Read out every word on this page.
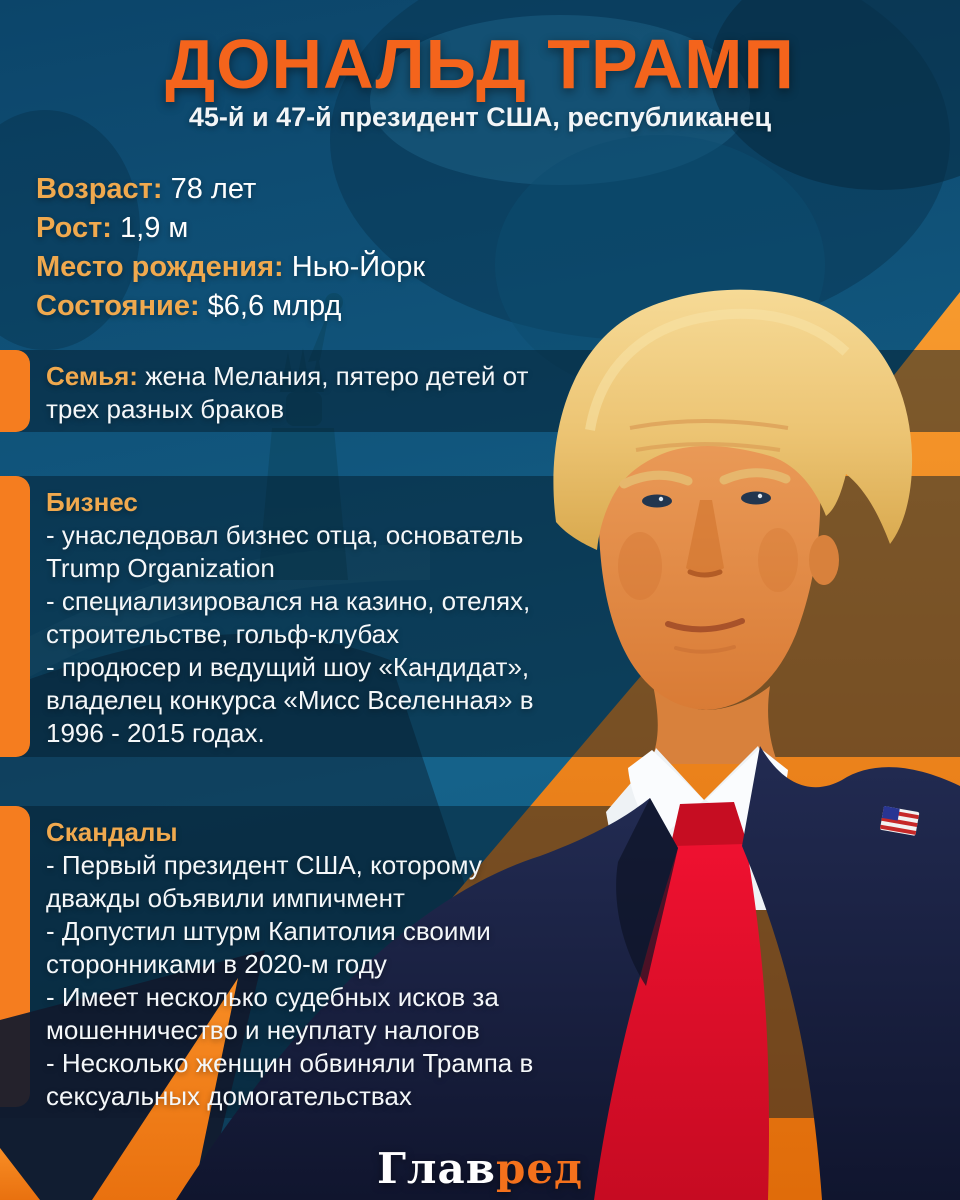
ДОНАЛЬД ТРАМП
45-й и 47-й президент США, республиканец
Возраст: 78 лет
Рост: 1,9 м
Место рождения: Нью-Йорк
Состояние: $6,6 млрд

Семья: жена Мелания, пятеро детей от трех разных браков

Бизнес

- унаследовал бизнес отца, основатель Trump Organization

- специализировался на казино, отелях, строительстве, гольф-клубах

- продюсер и ведущий шоу «Кандидат», владелец конкурса «Мисс Вселенная» в 1996 - 2015 годах.

Скандалы

- Первый президент США, которому дважды объявили импичмент

- Допустил штурм Капитолия своими сторонниками в 2020-м году

- Имеет несколько судебных исков за мошенничество и неуплату налогов

- Несколько женщин обвиняли Трампа в сексуальных домогательствах

Главред
